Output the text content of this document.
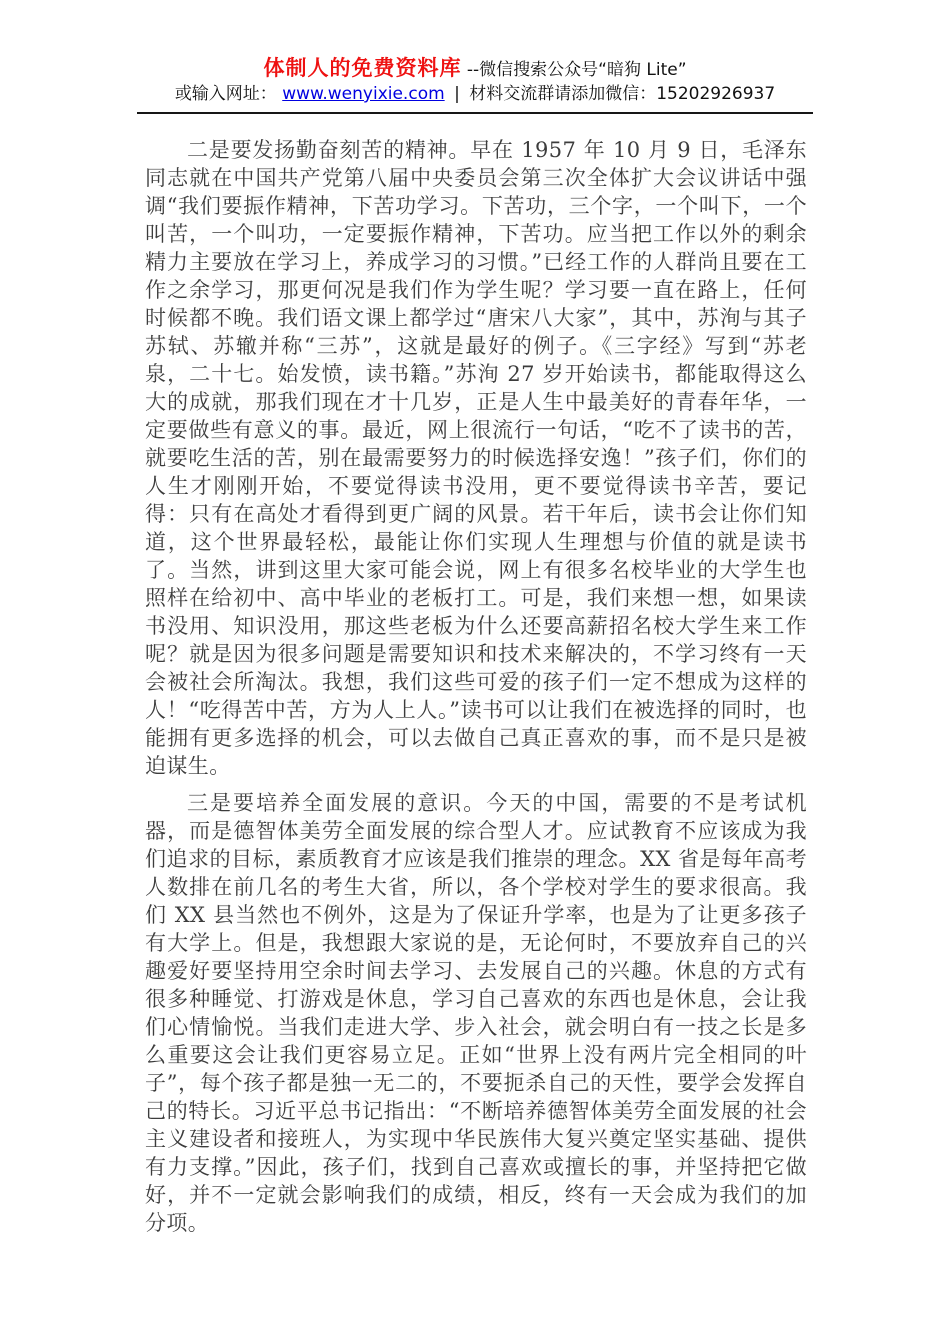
体制人的免费资料库 --微信搜索公众号“暗狗 Lite”
或输入网址： www.wenyixie.com | 材料交流群请添加微信：15202926937

二是要发扬勤奋刻苦的精神。早在 1957 年 10 月 9 日，毛泽东同志就在中国共产党第八届中央委员会第三次全体扩大会议讲话中强调“我们要振作精神，下苦功学习。下苦功，三个字，一个叫下，一个叫苦，一个叫功，一定要振作精神，下苦功。应当把工作以外的剩余精力主要放在学习上，养成学习的习惯。”已经工作的人群尚且要在工作之余学习，那更何况是我们作为学生呢？学习要一直在路上，任何时候都不晚。我们语文课上都学过“唐宋八大家”，其中，苏洵与其子苏轼、苏辙并称“三苏”，这就是最好的例子。《三字经》写到“苏老泉，二十七。始发愤，读书籍。”苏洵 27 岁开始读书，都能取得这么大的成就，那我们现在才十几岁，正是人生中最美好的青春年华，一定要做些有意义的事。最近，网上很流行一句话，“吃不了读书的苦，就要吃生活的苦，别在最需要努力的时候选择安逸！”孩子们，你们的人生才刚刚开始，不要觉得读书没用，更不要觉得读书辛苦，要记得：只有在高处才看得到更广阔的风景。若干年后，读书会让你们知道，这个世界最轻松，最能让你们实现人生理想与价值的就是读书了。当然，讲到这里大家可能会说，网上有很多名校毕业的大学生也照样在给初中、高中毕业的老板打工。可是，我们来想一想，如果读书没用、知识没用，那这些老板为什么还要高薪招名校大学生来工作呢？就是因为很多问题是需要知识和技术来解决的，不学习终有一天会被社会所淘汰。我想，我们这些可爱的孩子们一定不想成为这样的人！“吃得苦中苦，方为人上人。”读书可以让我们在被选择的同时，也能拥有更多选择的机会，可以去做自己真正喜欢的事，而不是只是被迫谋生。

三是要培养全面发展的意识。今天的中国，需要的不是考试机器，而是德智体美劳全面发展的综合型人才。应试教育不应该成为我们追求的目标，素质教育才应该是我们推崇的理念。XX 省是每年高考人数排在前几名的考生大省，所以，各个学校对学生的要求很高。我们 XX 县当然也不例外，这是为了保证升学率，也是为了让更多孩子有大学上。但是，我想跟大家说的是，无论何时，不要放弃自己的兴趣爱好要坚持用空余时间去学习、去发展自己的兴趣。休息的方式有很多种睡觉、打游戏是休息，学习自己喜欢的东西也是休息，会让我们心情愉悦。当我们走进大学、步入社会，就会明白有一技之长是多么重要这会让我们更容易立足。正如“世界上没有两片完全相同的叶子”，每个孩子都是独一无二的，不要扼杀自己的天性，要学会发挥自己的特长。习近平总书记指出：“不断培养德智体美劳全面发展的社会主义建设者和接班人，为实现中华民族伟大复兴奠定坚实基础、提供有力支撑。”因此，孩子们，找到自己喜欢或擅长的事，并坚持把它做好，并不一定就会影响我们的成绩，相反，终有一天会成为我们的加分项。
